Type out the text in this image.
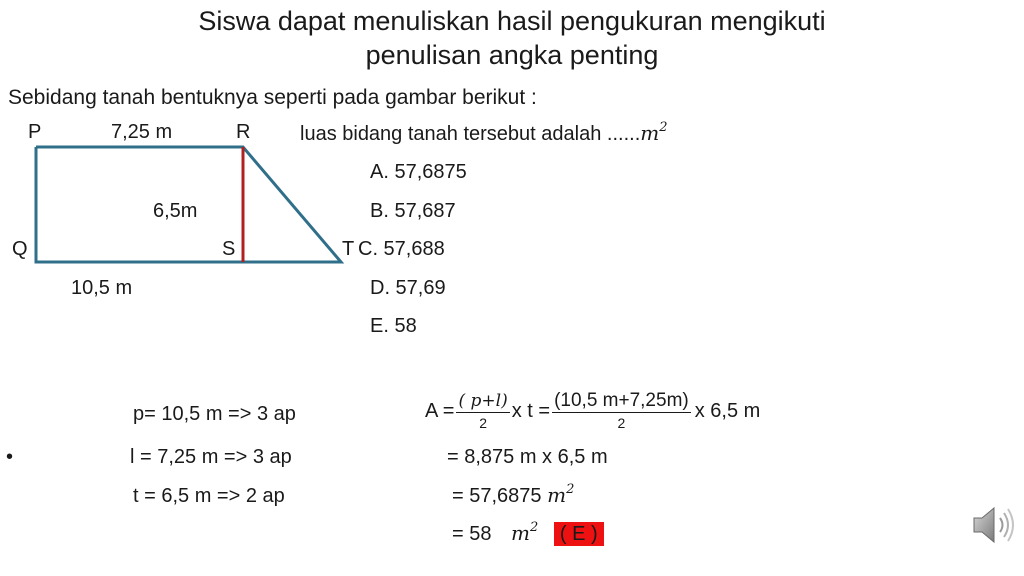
Siswa dapat menuliskan hasil pengukuran mengikuti
penulisan angka penting
Sebidang tanah bentuknya seperti pada gambar berikut :
P	7,25 m	R
6,5m
Q	S	T
10,5 m
luas bidang tanah tersebut adalah $......m^2$
A. 57,6875
B. 57,687
C. 57,688
D. 57,69
E. 58
p= 10,5 m => 3 ap
•	l = 7,25 m => 3 ap
t = 6,5 m => 2 ap
$A = \frac{( p+l)}{2}$ x $t = \frac{(10,5 m+7,25m)}{2}$ x 6,5 m
= 8,875 m x 6,5 m
= 57,6875 $m^2$
= 58 $m^2$ ( E )
